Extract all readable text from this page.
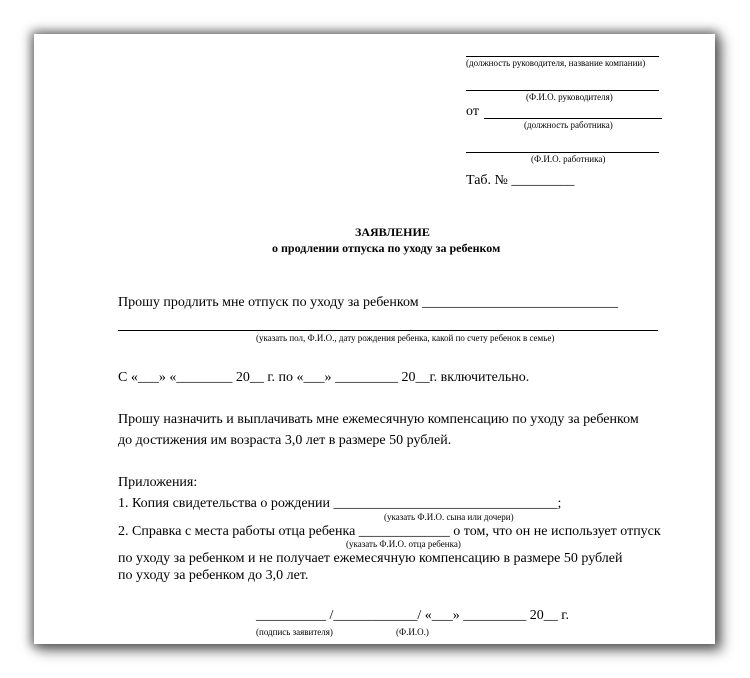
(должность руководителя, название компании)
(Ф.И.О. руководителя)
от
(должность работника)
(Ф.И.О. работника)
Таб. № _________
ЗАЯВЛЕНИЕ
о продлении отпуска по уходу за ребенком
Прошу продлить мне отпуск по уходу за ребенком ____________________________
(указать пол, Ф.И.О., дату рождения ребенка, какой по счету ребенок в семье)
С «___» «________ 20__ г. по «___» _________ 20__г. включительно.
Прошу назначить и выплачивать мне ежемесячную компенсацию по уходу за ребенком
до достижения им возраста 3,0 лет в размере 50 рублей.
Приложения:
1. Копия свидетельства о рождении ________________________________;
(указать Ф.И.О. сына или дочери)
2. Справка с места работы отца ребенка _____________ о том, что он не использует отпуск
(указать Ф.И.О. отца ребенка)
по уходу за ребенком и не получает ежемесячную компенсацию в размере 50 рублей
по уходу за ребенком до 3,0 лет.
__________ /____________/ «___» _________ 20__ г.
(подпись заявителя)	(Ф.И.О.)
